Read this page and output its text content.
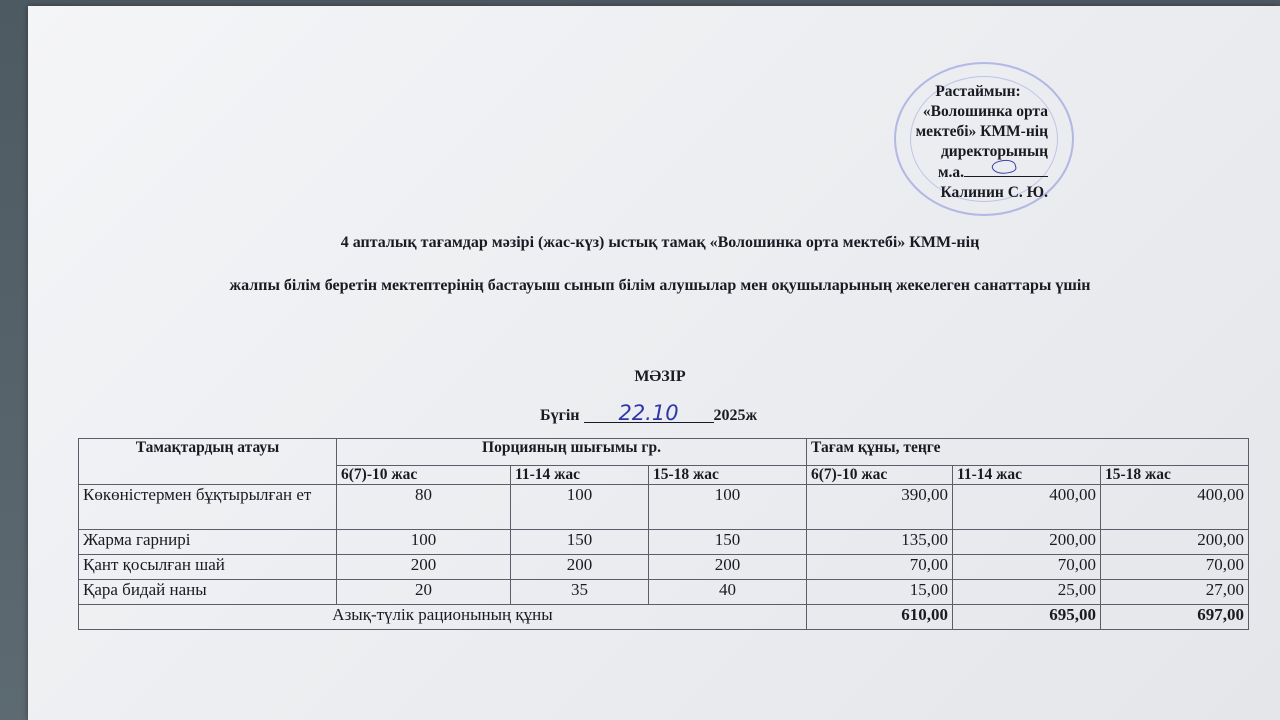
Растаймын:
«Волошинка орта
мектебі» КММ-нің
директорының
м.а.
Калинин С. Ю.
4 апталық тағамдар мәзірі (жас-күз) ыстық тамақ «Волошинка орта мектебі» КММ-нің
жалпы білім беретін мектептерінің бастауыш сынып білім алушылар мен оқушыларының жекелеген санаттары үшін
МӘЗІР
Бүгін 22.10 2025ж
Тамақтардың атауы	Порцияның шығымы гр.			Тағам құны, теңге		
	6(7)-10 жас	11-14 жас	15-18 жас	6(7)-10 жас	11-14 жас	15-18 жас
Көкөністермен бұқтырылған ет	80	100	100	390,00	400,00	400,00
Жарма гарнирі	100	150	150	135,00	200,00	200,00
Қант қосылған шай	200	200	200	70,00	70,00	70,00
Қара бидай наны	20	35	40	15,00	25,00	27,00
Азық-түлік рационының құны				610,00	695,00	697,00
